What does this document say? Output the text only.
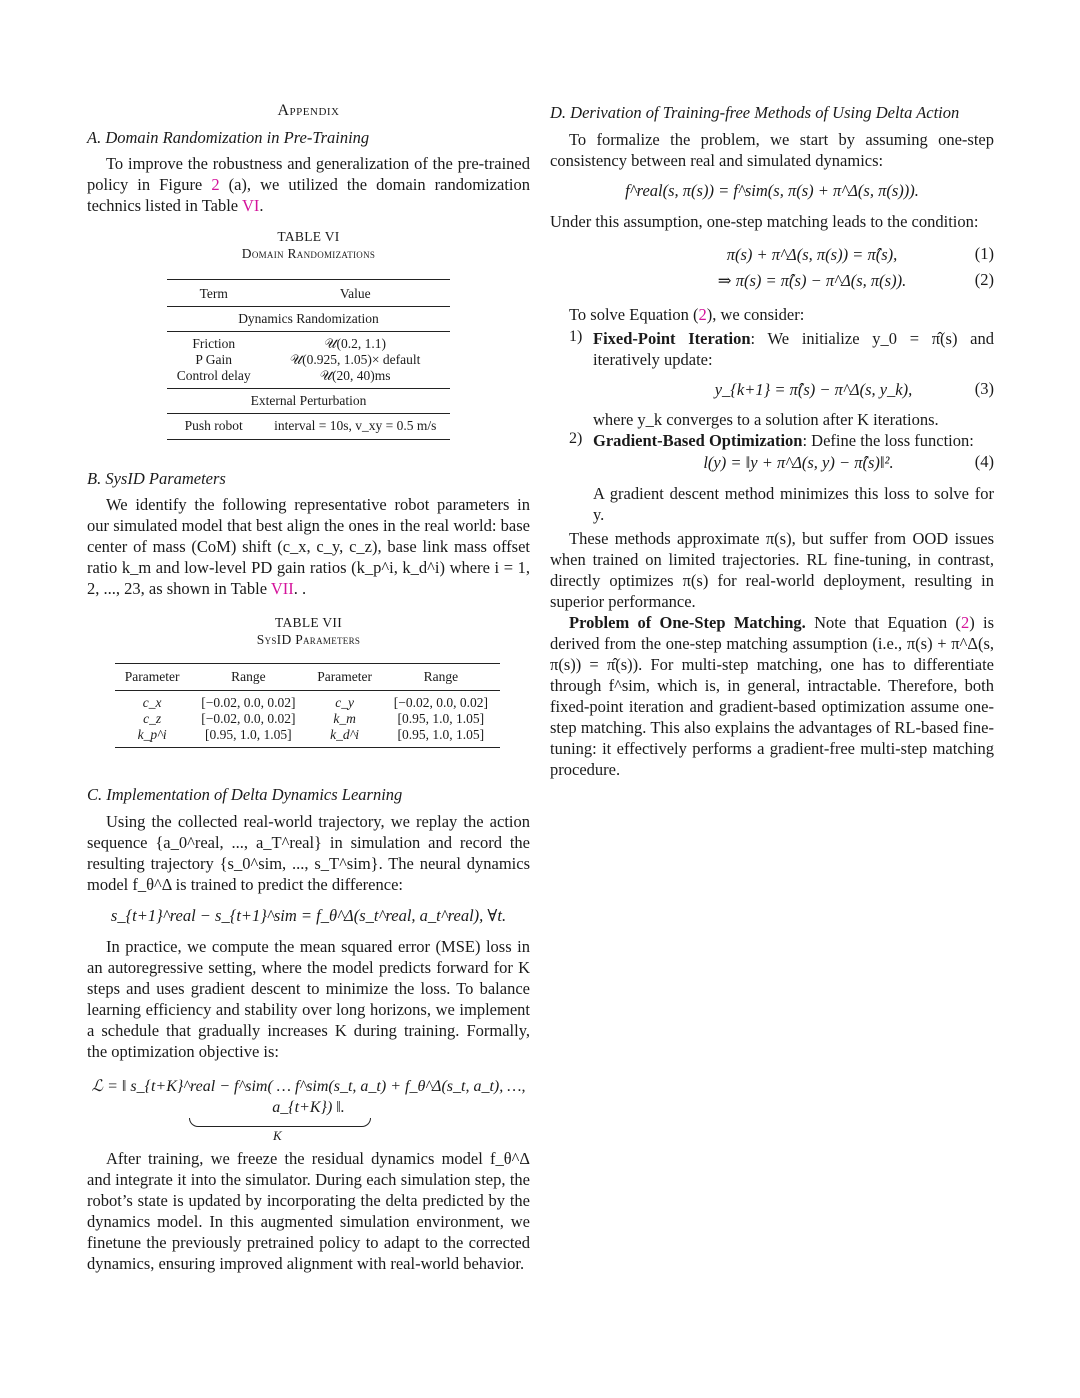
Appendix
A. Domain Randomization in Pre-Training

To improve the robustness and generalization of the pre-trained policy in Figure 2 (a), we utilized the domain randomization technics listed in Table VI.

TABLE VI
Domain Randomizations
Term	Value
Dynamics Randomization	
Friction	𝒰(0.2, 1.1)
P Gain	𝒰(0.925, 1.05)× default
Control delay	𝒰(20, 40)ms
External Perturbation	
Push robot	interval = 10s, v_xy = 0.5 m/s
B. SysID Parameters

We identify the following representative robot parameters in our simulated model that best align the ones in the real world: base center of mass (CoM) shift (c_x, c_y, c_z), base link mass offset ratio k_m and low-level PD gain ratios (k_p^i, k_d^i) where i = 1, 2, ..., 23, as shown in Table VII. .

TABLE VII
SysID Parameters
Parameter	Range	Parameter	Range
c_x	[−0.02, 0.0, 0.02]	c_y	[−0.02, 0.0, 0.02]
c_z	[−0.02, 0.0, 0.02]	k_m	[0.95, 1.0, 1.05]
k_p^i	[0.95, 1.0, 1.05]	k_d^i	[0.95, 1.0, 1.05]
C. Implementation of Delta Dynamics Learning

Using the collected real-world trajectory, we replay the action sequence {a_0^real, ..., a_T^real} in simulation and record the resulting trajectory {s_0^sim, ..., s_T^sim}. The neural dynamics model f_θ^Δ is trained to predict the difference:

s_{t+1}^real − s_{t+1}^sim = f_θ^Δ(s_t^real, a_t^real), ∀t.

In practice, we compute the mean squared error (MSE) loss in an autoregressive setting, where the model predicts forward for K steps and uses gradient descent to minimize the loss. To balance learning efficiency and stability over long horizons, we implement a schedule that gradually increases K during training. Formally, the optimization objective is:

ℒ = ‖ s_{t+K}^real − f^sim( … f^sim(s_t, a_t) + f_θ^Δ(s_t, a_t), …, a_{t+K}) ‖.
K

After training, we freeze the residual dynamics model f_θ^Δ and integrate it into the simulator. During each simulation step, the robot’s state is updated by incorporating the delta predicted by the dynamics model. In this augmented simulation environment, we finetune the previously pretrained policy to adapt to the corrected dynamics, ensuring improved alignment with real-world behavior.

D. Derivation of Training-free Methods of Using Delta Action

To formalize the problem, we start by assuming one-step consistency between real and simulated dynamics:

f^real(s, π(s)) = f^sim(s, π(s) + π^Δ(s, π(s))).

Under this assumption, one-step matching leads to the condition:

π(s) + π^Δ(s, π(s)) = π̂(s),	(1)
⇒ π(s) = π̂(s) − π^Δ(s, π(s)).	(2)

To solve Equation (2), we consider:

1) Fixed-Point Iteration: We initialize y_0 = π̂(s) and iteratively update:

y_{k+1} = π̂(s) − π^Δ(s, y_k),	(3)

where y_k converges to a solution after K iterations.

2) Gradient-Based Optimization: Define the loss function:

l(y) = ‖y + π^Δ(s, y) − π̂(s)‖².	(4)

A gradient descent method minimizes this loss to solve for y.

These methods approximate π(s), but suffer from OOD issues when trained on limited trajectories. RL fine-tuning, in contrast, directly optimizes π(s) for real-world deployment, resulting in superior performance.

Problem of One-Step Matching. Note that Equation (2) is derived from the one-step matching assumption (i.e., π(s) + π^Δ(s, π(s)) = π̂(s)). For multi-step matching, one has to differentiate through f^sim, which is, in general, intractable. Therefore, both fixed-point iteration and gradient-based optimization assume one-step matching. This also explains the advantages of RL-based fine-tuning: it effectively performs a gradient-free multi-step matching procedure.
